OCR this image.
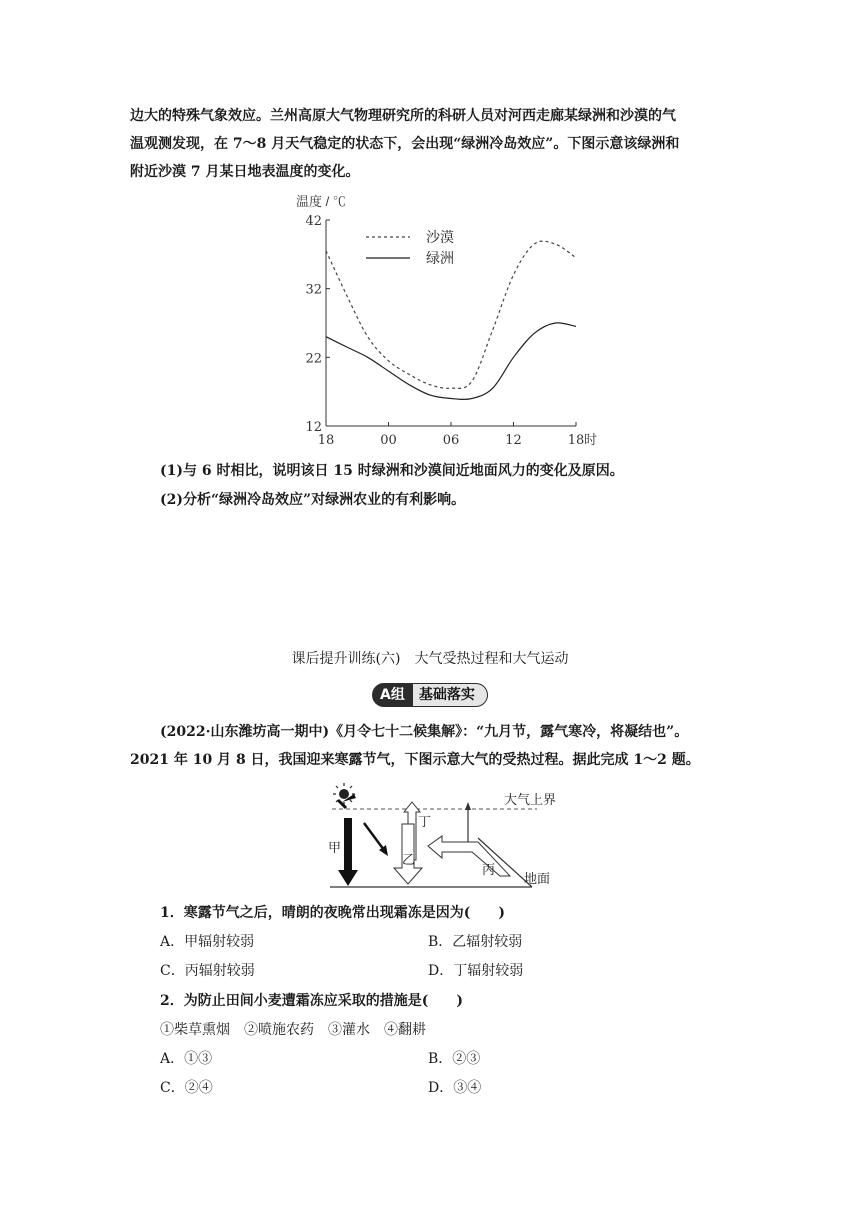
边大的特殊气象效应。兰州高原大气物理研究所的科研人员对河西走廊某绿洲和沙漠的气
温观测发现，在 7～8 月天气稳定的状态下，会出现“绿洲冷岛效应”。下图示意该绿洲和
附近沙漠 7 月某日地表温度的变化。
温度 / ℃
12
22
32
42
18	00	06	12	18 时
沙漠
绿洲
(1)与 6 时相比，说明该日 15 时绿洲和沙漠间近地面风力的变化及原因。
(2)分析“绿洲冷岛效应”对绿洲农业的有利影响。
课后提升训练(六)　大气受热过程和大气运动
A组	基础落实
(2022·山东潍坊高一期中)《月令七十二候集解》：“九月节，露气寒冷，将凝结也”。
2021 年 10 月 8 日，我国迎来寒露节气，下图示意大气的受热过程。据此完成 1～2 题。
大气上界
地面
甲
丁
乙
丙
1．寒露节气之后，晴朗的夜晚常出现霜冻是因为(　　)
A．甲辐射较弱	B．乙辐射较弱
C．丙辐射较弱	D．丁辐射较弱
2．为防止田间小麦遭霜冻应采取的措施是(　　)
①柴草熏烟　②喷施农药　③灌水　④翻耕
A．①③	B．②③
C．②④	D．③④
